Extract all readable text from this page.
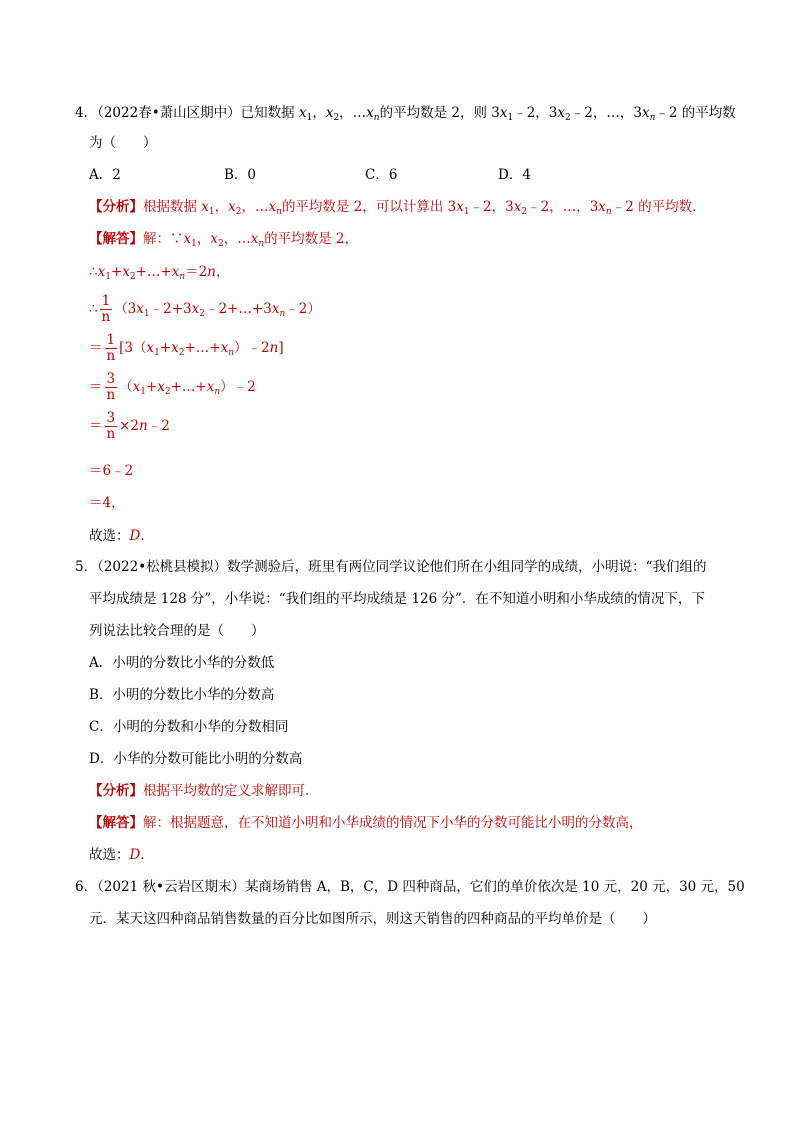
4．（2022春•萧山区期中）已知数据 $x_1$，$x_2$，$\dots x_n$的平均数是 2，则 $3x_1﹣2$，$3x_2﹣2$，…，$3x_n﹣2$ 的平均数
为（　　）
A．2	B．0	C．6	D．4
【分析】根据数据 $x_1$，$x_2$，$\dots x_n$的平均数是 2，可以计算出 $3x_1﹣2$，$3x_2﹣2$，…，$3x_n﹣2$ 的平均数．
【解答】解：$\because x_1$，$x_2$，$\dots x_n$的平均数是 2，
$\therefore x_1+x_2+\dots+x_n=2n$，
∴ $\frac{1}{n}$ $(3x_1﹣2+3x_2﹣2+\dots+3x_n﹣2)$
＝ $\frac{1}{n}$ $[3(x_1+x_2+\dots+x_n)﹣2n]$
＝ $\frac{3}{n}$ $(x_1+x_2+\dots+x_n)﹣2$
＝ $\frac{3}{n}$ ×2n﹣2
＝6﹣2
＝4，
故选：D．
5．（2022•松桃县模拟）数学测验后，班里有两位同学议论他们所在小组同学的成绩，小明说：“我们组的
平均成绩是 128 分”，小华说：“我们组的平均成绩是 126 分”．在不知道小明和小华成绩的情况下，下
列说法比较合理的是（　　）
A．小明的分数比小华的分数低
B．小明的分数比小华的分数高
C．小明的分数和小华的分数相同
D．小华的分数可能比小明的分数高
【分析】根据平均数的定义求解即可．
【解答】解：根据题意，在不知道小明和小华成绩的情况下小华的分数可能比小明的分数高，
故选：D．
6．（2021 秋•云岩区期末）某商场销售 A，B，C，D 四种商品，它们的单价依次是 10 元，20 元，30 元，50
元．某天这四种商品销售数量的百分比如图所示，则这天销售的四种商品的平均单价是（　　）
